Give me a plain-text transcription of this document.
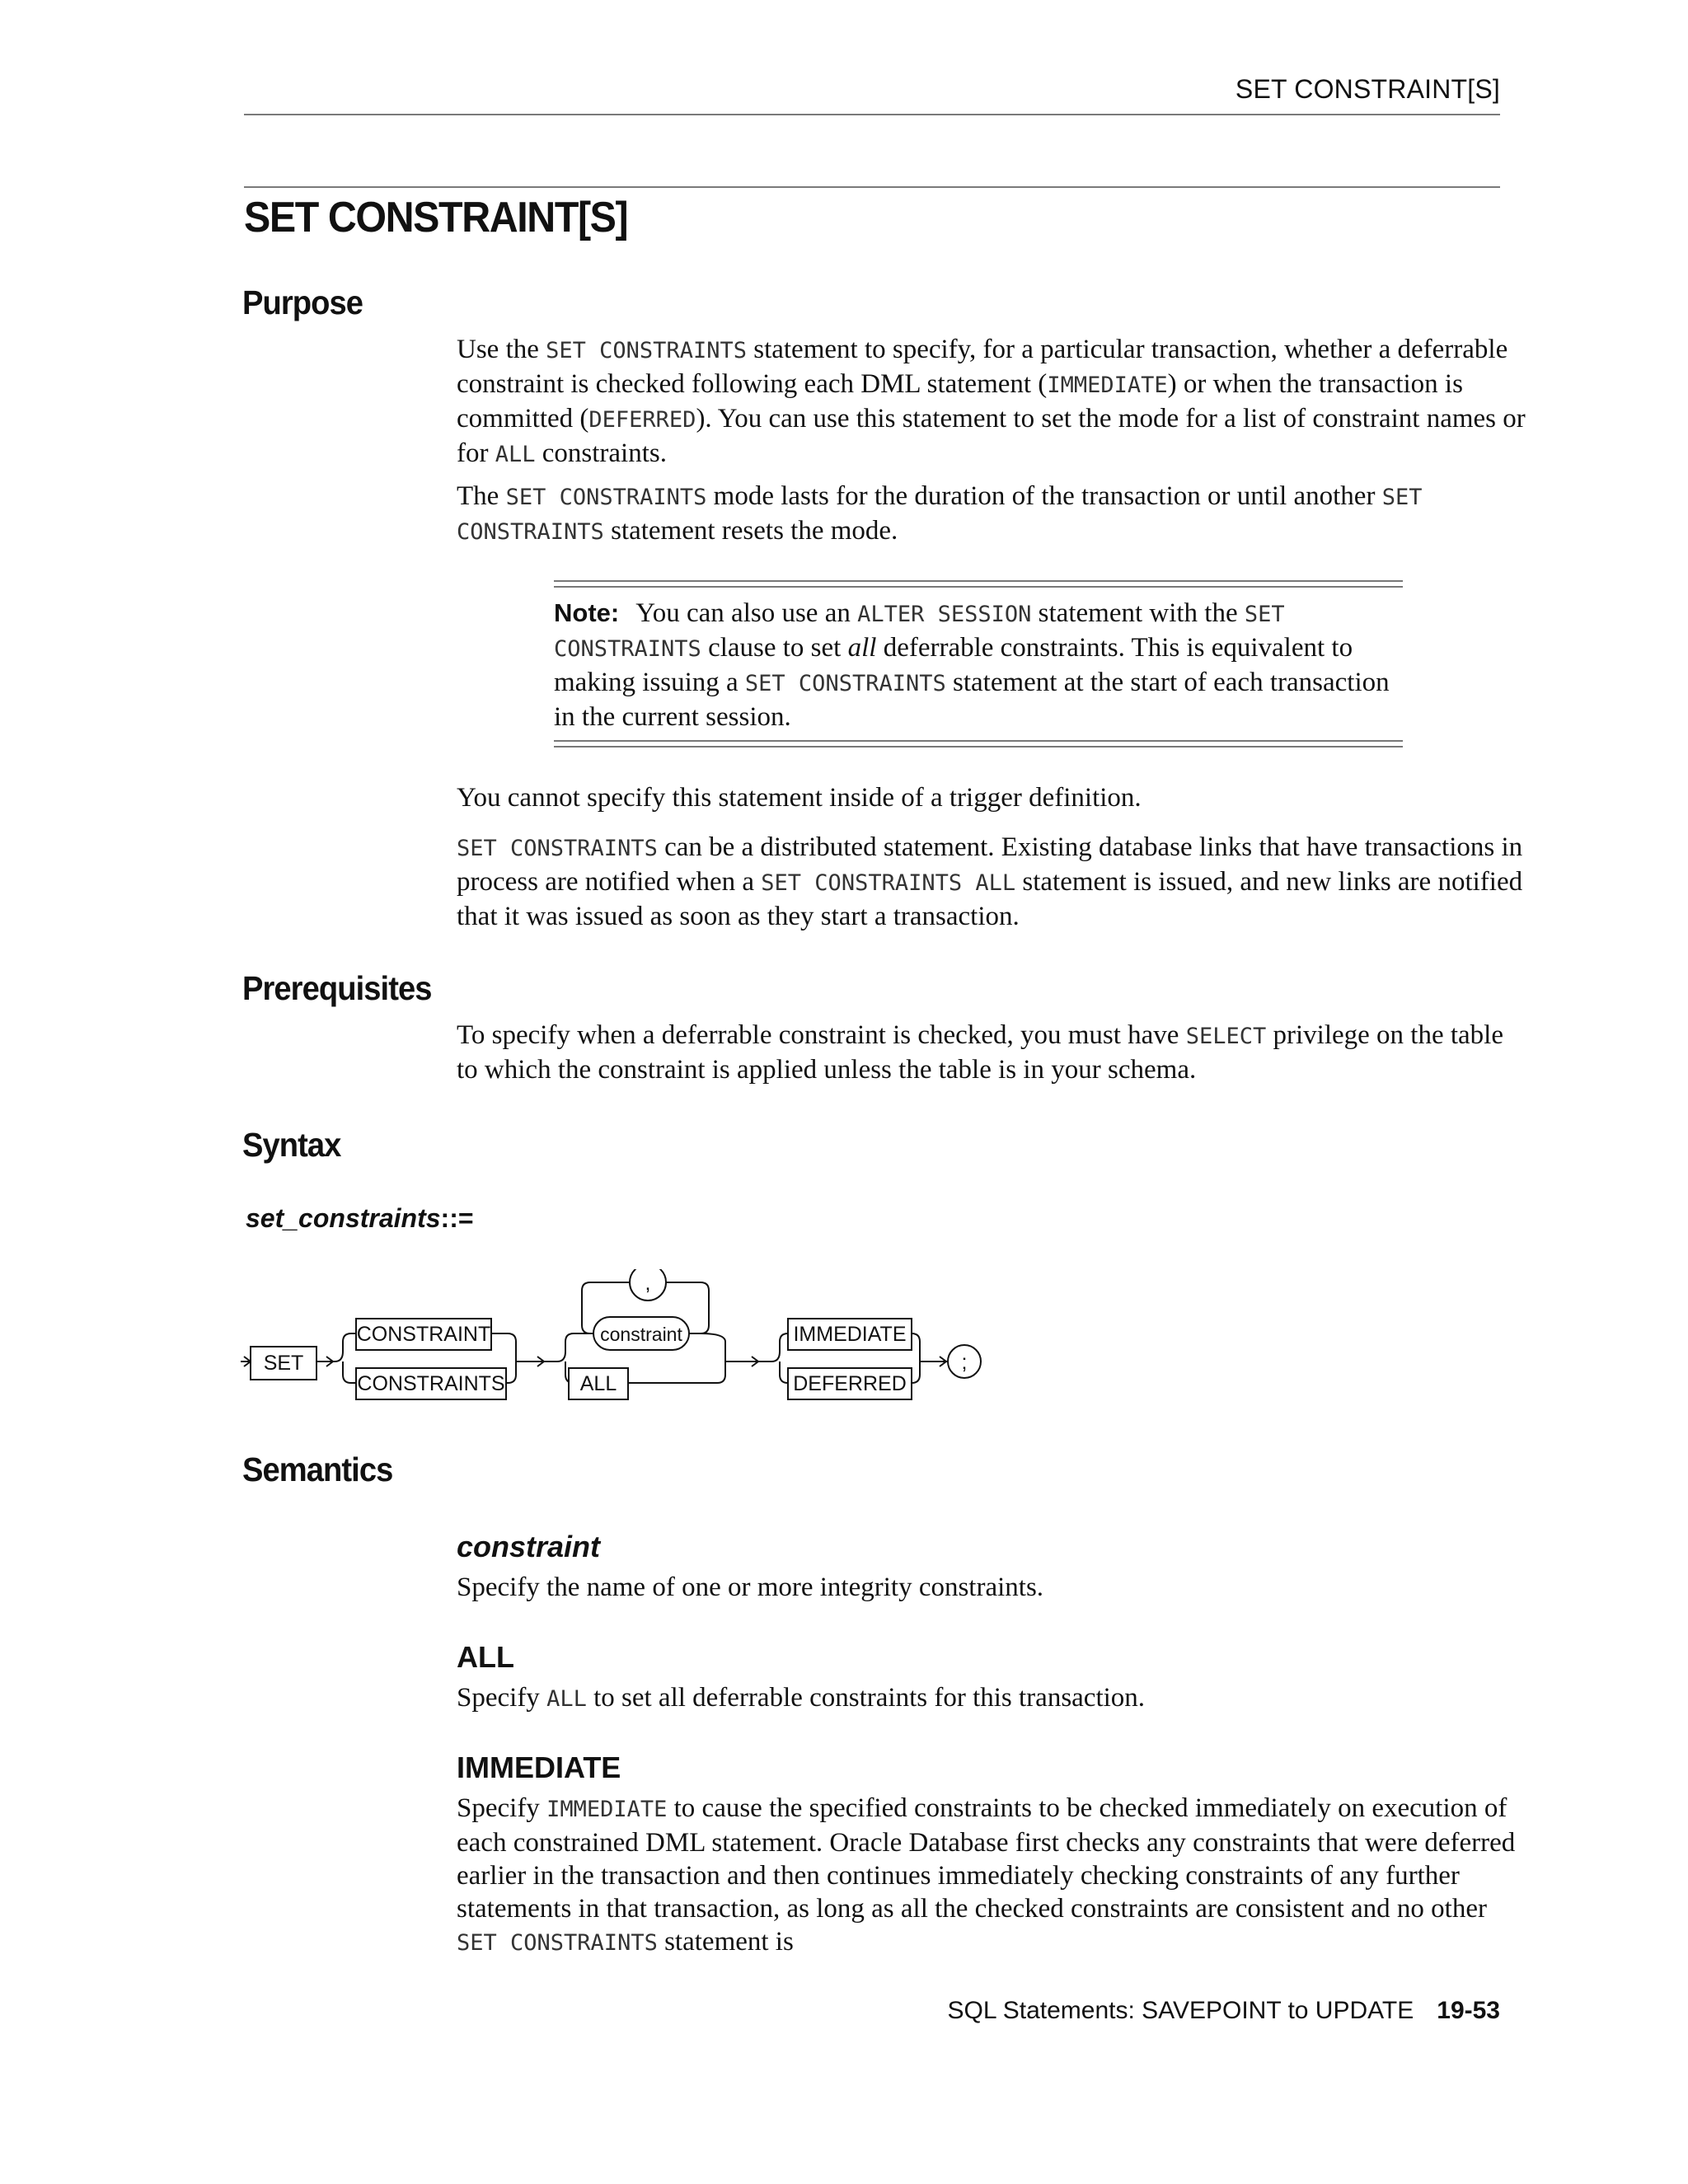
SET CONSTRAINT[S]
SET CONSTRAINT[S]
Purpose

Use the SET CONSTRAINTS statement to specify, for a particular transaction, whether a deferrable constraint is checked following each DML statement (IMMEDIATE) or when the transaction is committed (DEFERRED). You can use this statement to set the mode for a list of constraint names or for ALL constraints.

The SET CONSTRAINTS mode lasts for the duration of the transaction or until another SET CONSTRAINTS statement resets the mode.

Note: You can also use an ALTER SESSION statement with the SET CONSTRAINTS clause to set all deferrable constraints. This is equivalent to making issuing a SET CONSTRAINTS statement at the start of each transaction in the current session.

You cannot specify this statement inside of a trigger definition.

SET CONSTRAINTS can be a distributed statement. Existing database links that have transactions in process are notified when a SET CONSTRAINTS ALL statement is issued, and new links are notified that it was issued as soon as they start a transaction.

Prerequisites

To specify when a deferrable constraint is checked, you must have SELECT privilege on the table to which the constraint is applied unless the table is in your schema.

Syntax
set_constraints::=
SET
CONSTRAINT
CONSTRAINTS
,
constraint
ALL
IMMEDIATE
DEFERRED
;
Semantics
constraint

Specify the name of one or more integrity constraints.

ALL

Specify ALL to set all deferrable constraints for this transaction.

IMMEDIATE

Specify IMMEDIATE to cause the specified constraints to be checked immediately on execution of each constrained DML statement. Oracle Database first checks any constraints that were deferred earlier in the transaction and then continues immediately checking constraints of any further statements in that transaction, as long as all the checked constraints are consistent and no other SET CONSTRAINTS statement is

SQL Statements: SAVEPOINT to UPDATE 19-53
